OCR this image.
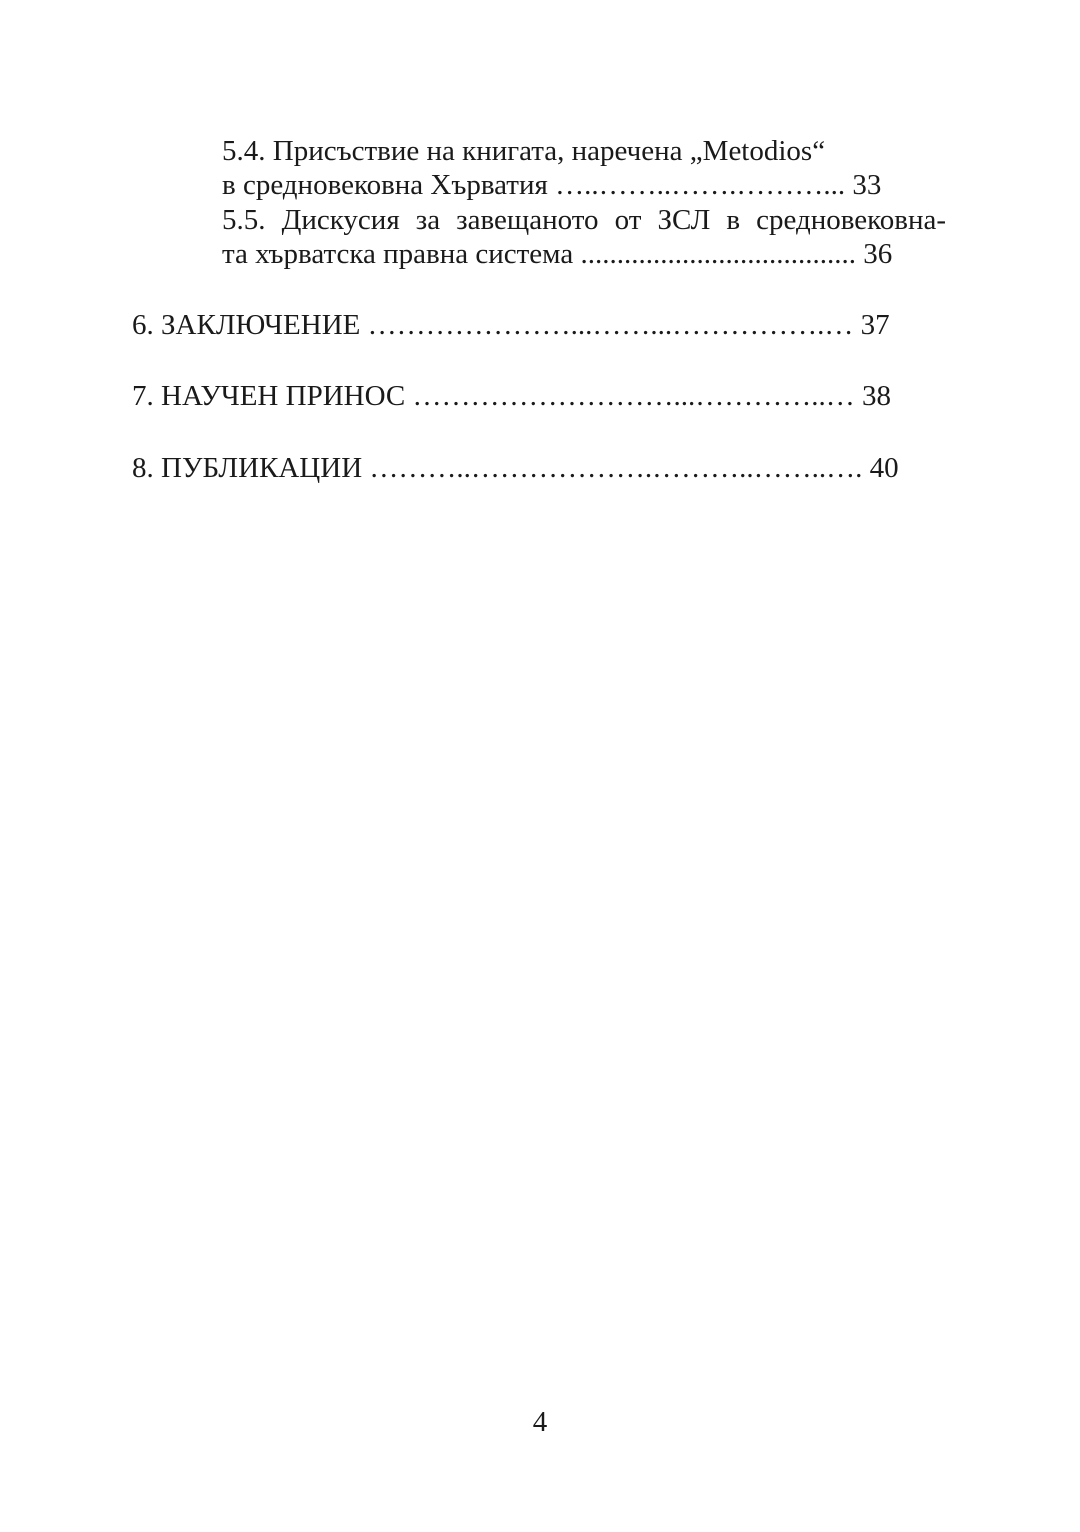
5.4. Присъствие на книгата, наречена „Metodios“
в средновековна Хърватия …..……..…….………... 33
5.5. Дискусия за завещаното от ЗСЛ в средновековна-
та хърватска правна система ...................................... 36
6. ЗАКЛЮЧЕНИЕ …………………...……...…………….… 37
7. НАУЧЕН ПРИНОС ………………………...…………..… 38
8. ПУБЛИКАЦИИ ………..……………….………..……..…. 40
4
